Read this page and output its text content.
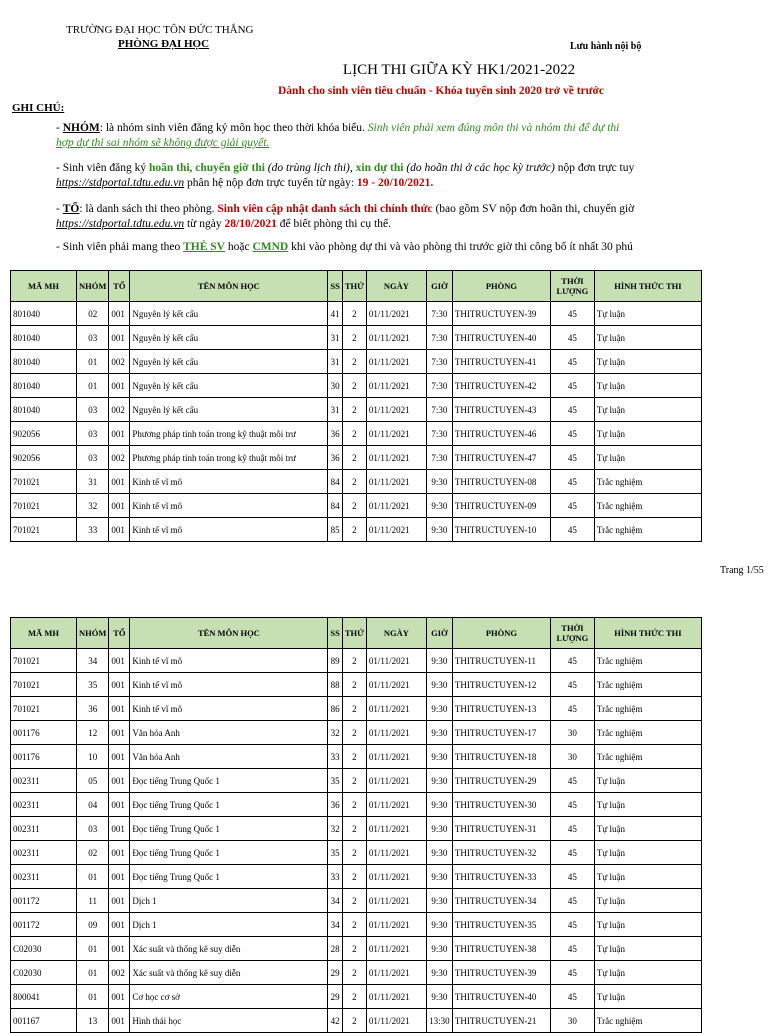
TRƯỜNG ĐẠI HỌC TÔN ĐỨC THẮNG
PHÒNG ĐẠI HỌC	Lưu hành nội bộ
LỊCH THI GIỮA KỲ HK1/2021-2022
Dành cho sinh viên tiêu chuẩn - Khóa tuyển sinh 2020 trở về trước
GHI CHÚ:
- NHÓM: là nhóm sinh viên đăng ký môn học theo thời khóa biểu. Sinh viên phải xem đúng môn thi và nhóm thi để dự thi
hợp dự thi sai nhóm sẽ không được giải quyết.
- Sinh viên đăng ký hoãn thi, chuyển giờ thi (do trùng lịch thi), xin dự thi (do hoãn thi ở các học kỳ trước) nộp đơn trực tuy
https://stdportal.tdtu.edu.vn phân hệ nộp đơn trực tuyến từ ngày: 19 - 20/10/2021.
- TỔ: là danh sách thi theo phòng. Sinh viên cập nhật danh sách thi chính thức (bao gồm SV nộp đơn hoãn thi, chuyển giờ
https://stdportal.tdtu.edu.vn từ ngày 28/10/2021 để biết phòng thi cụ thể.
- Sinh viên phải mang theo THẺ SV hoặc CMND khi vào phòng dự thi và vào phòng thi trước giờ thi công bố ít nhất 30 phú
MÃ MH	NHÓM	TỔ	TÊN MÔN HỌC	SS	THỨ	NGÀY	GIỜ	PHÒNG	THỜI LƯỢNG	HÌNH THỨC THI
801040	02	001	Nguyên lý kết cấu	41	2	01/11/2021	7:30	THITRUCTUYEN-39	45	Tự luận
801040	03	001	Nguyên lý kết cấu	31	2	01/11/2021	7:30	THITRUCTUYEN-40	45	Tự luận
801040	01	002	Nguyên lý kết cấu	31	2	01/11/2021	7:30	THITRUCTUYEN-41	45	Tự luận
801040	01	001	Nguyên lý kết cấu	30	2	01/11/2021	7:30	THITRUCTUYEN-42	45	Tự luận
801040	03	002	Nguyên lý kết cấu	31	2	01/11/2021	7:30	THITRUCTUYEN-43	45	Tự luận
902056	03	001	Phương pháp tính toán trong kỹ thuật môi trư	36	2	01/11/2021	7:30	THITRUCTUYEN-46	45	Tự luận
902056	03	002	Phương pháp tính toán trong kỹ thuật môi trư	36	2	01/11/2021	7:30	THITRUCTUYEN-47	45	Tự luận
701021	31	001	Kinh tế vĩ mô	84	2	01/11/2021	9:30	THITRUCTUYEN-08	45	Trắc nghiệm
701021	32	001	Kinh tế vĩ mô	84	2	01/11/2021	9:30	THITRUCTUYEN-09	45	Trắc nghiệm
701021	33	001	Kinh tế vĩ mô	85	2	01/11/2021	9:30	THITRUCTUYEN-10	45	Trắc nghiệm
Trang 1/55
MÃ MH	NHÓM	TỔ	TÊN MÔN HỌC	SS	THỨ	NGÀY	GIỜ	PHÒNG	THỜI LƯỢNG	HÌNH THỨC THI
701021	34	001	Kinh tế vĩ mô	89	2	01/11/2021	9:30	THITRUCTUYEN-11	45	Trắc nghiệm
701021	35	001	Kinh tế vĩ mô	88	2	01/11/2021	9:30	THITRUCTUYEN-12	45	Trắc nghiệm
701021	36	001	Kinh tế vĩ mô	86	2	01/11/2021	9:30	THITRUCTUYEN-13	45	Trắc nghiệm
001176	12	001	Văn hóa Anh	32	2	01/11/2021	9:30	THITRUCTUYEN-17	30	Trắc nghiệm
001176	10	001	Văn hóa Anh	33	2	01/11/2021	9:30	THITRUCTUYEN-18	30	Trắc nghiệm
002311	05	001	Đọc tiếng Trung Quốc 1	35	2	01/11/2021	9:30	THITRUCTUYEN-29	45	Tự luận
002311	04	001	Đọc tiếng Trung Quốc 1	36	2	01/11/2021	9:30	THITRUCTUYEN-30	45	Tự luận
002311	03	001	Đọc tiếng Trung Quốc 1	32	2	01/11/2021	9:30	THITRUCTUYEN-31	45	Tự luận
002311	02	001	Đọc tiếng Trung Quốc 1	35	2	01/11/2021	9:30	THITRUCTUYEN-32	45	Tự luận
002311	01	001	Đọc tiếng Trung Quốc 1	33	2	01/11/2021	9:30	THITRUCTUYEN-33	45	Tự luận
001172	11	001	Dịch 1	34	2	01/11/2021	9:30	THITRUCTUYEN-34	45	Tự luận
001172	09	001	Dịch 1	34	2	01/11/2021	9:30	THITRUCTUYEN-35	45	Tự luận
C02030	01	001	Xác suất và thống kê suy diễn	28	2	01/11/2021	9:30	THITRUCTUYEN-38	45	Tự luận
C02030	01	002	Xác suất và thống kê suy diễn	29	2	01/11/2021	9:30	THITRUCTUYEN-39	45	Tự luận
800041	01	001	Cơ học cơ sở	29	2	01/11/2021	9:30	THITRUCTUYEN-40	45	Tự luận
001167	13	001	Hình thái học	42	2	01/11/2021	13:30	THITRUCTUYEN-21	30	Trắc nghiệm
